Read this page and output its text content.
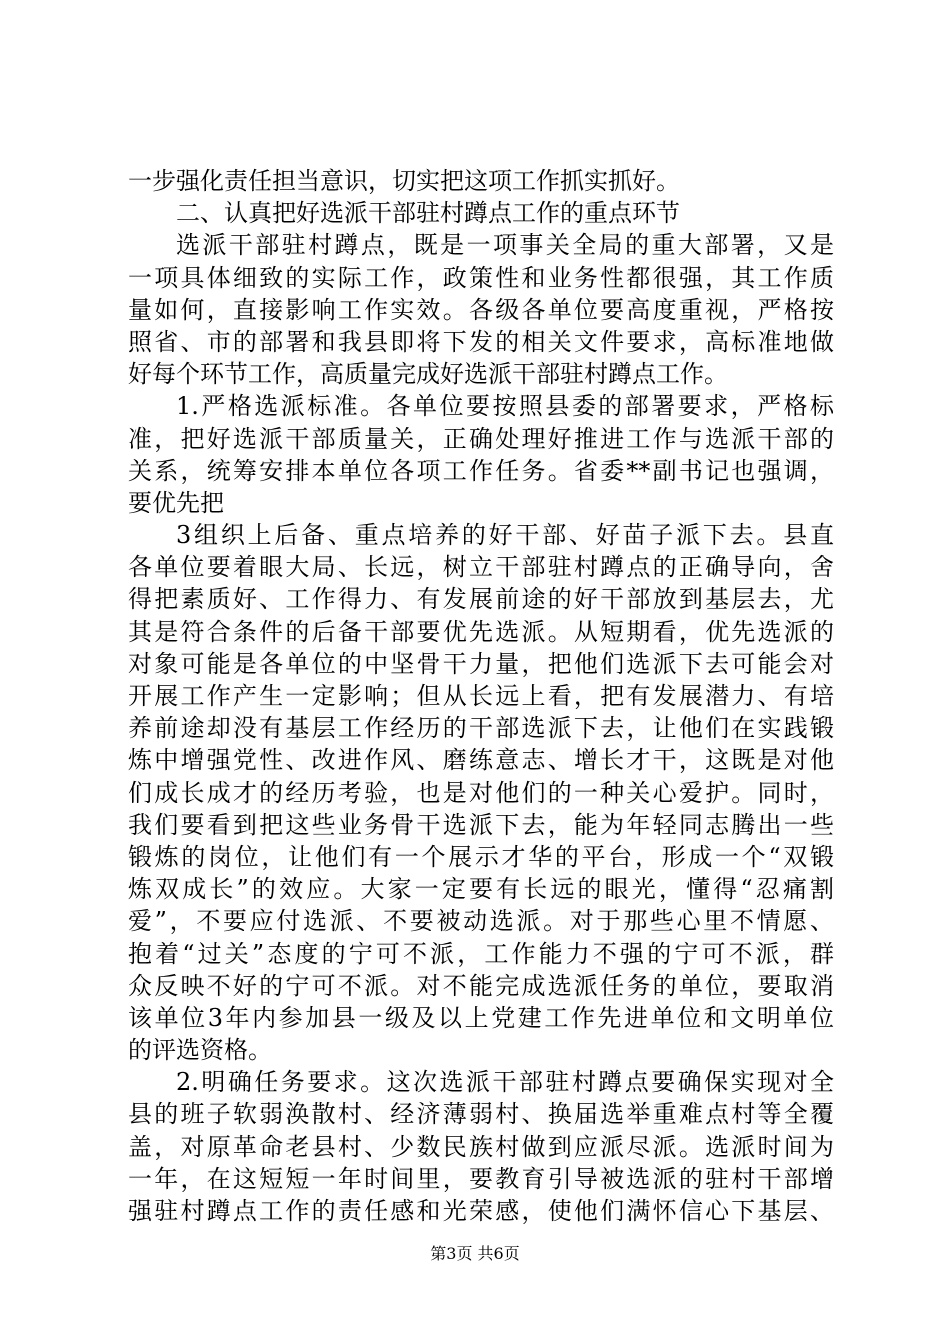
一步强化责任担当意识，切实把这项工作抓实抓好。
二、认真把好选派干部驻村蹲点工作的重点环节
选派干部驻村蹲点，既是一项事关全局的重大部署，又是
一项具体细致的实际工作，政策性和业务性都很强，其工作质
量如何，直接影响工作实效。各级各单位要高度重视，严格按
照省、市的部署和我县即将下发的相关文件要求，高标准地做
好每个环节工作，高质量完成好选派干部驻村蹲点工作。
1.严格选派标准。各单位要按照县委的部署要求，严格标
准，把好选派干部质量关，正确处理好推进工作与选派干部的
关系，统筹安排本单位各项工作任务。省委**副书记也强调，
要优先把
3组织上后备、重点培养的好干部、好苗子派下去。县直
各单位要着眼大局、长远，树立干部驻村蹲点的正确导向，舍
得把素质好、工作得力、有发展前途的好干部放到基层去，尤
其是符合条件的后备干部要优先选派。从短期看，优先选派的
对象可能是各单位的中坚骨干力量，把他们选派下去可能会对
开展工作产生一定影响；但从长远上看，把有发展潜力、有培
养前途却没有基层工作经历的干部选派下去，让他们在实践锻
炼中增强党性、改进作风、磨练意志、增长才干，这既是对他
们成长成才的经历考验，也是对他们的一种关心爱护。同时，
我们要看到把这些业务骨干选派下去，能为年轻同志腾出一些
锻炼的岗位，让他们有一个展示才华的平台，形成一个“双锻
炼双成长”的效应。大家一定要有长远的眼光，懂得“忍痛割
爱”，不要应付选派、不要被动选派。对于那些心里不情愿、
抱着“过关”态度的宁可不派，工作能力不强的宁可不派，群
众反映不好的宁可不派。对不能完成选派任务的单位，要取消
该单位3年内参加县一级及以上党建工作先进单位和文明单位
的评选资格。
2.明确任务要求。这次选派干部驻村蹲点要确保实现对全
县的班子软弱涣散村、经济薄弱村、换届选举重难点村等全覆
盖，对原革命老县村、少数民族村做到应派尽派。选派时间为
一年，在这短短一年时间里，要教育引导被选派的驻村干部增
强驻村蹲点工作的责任感和光荣感，使他们满怀信心下基层、
第3页 共6页
